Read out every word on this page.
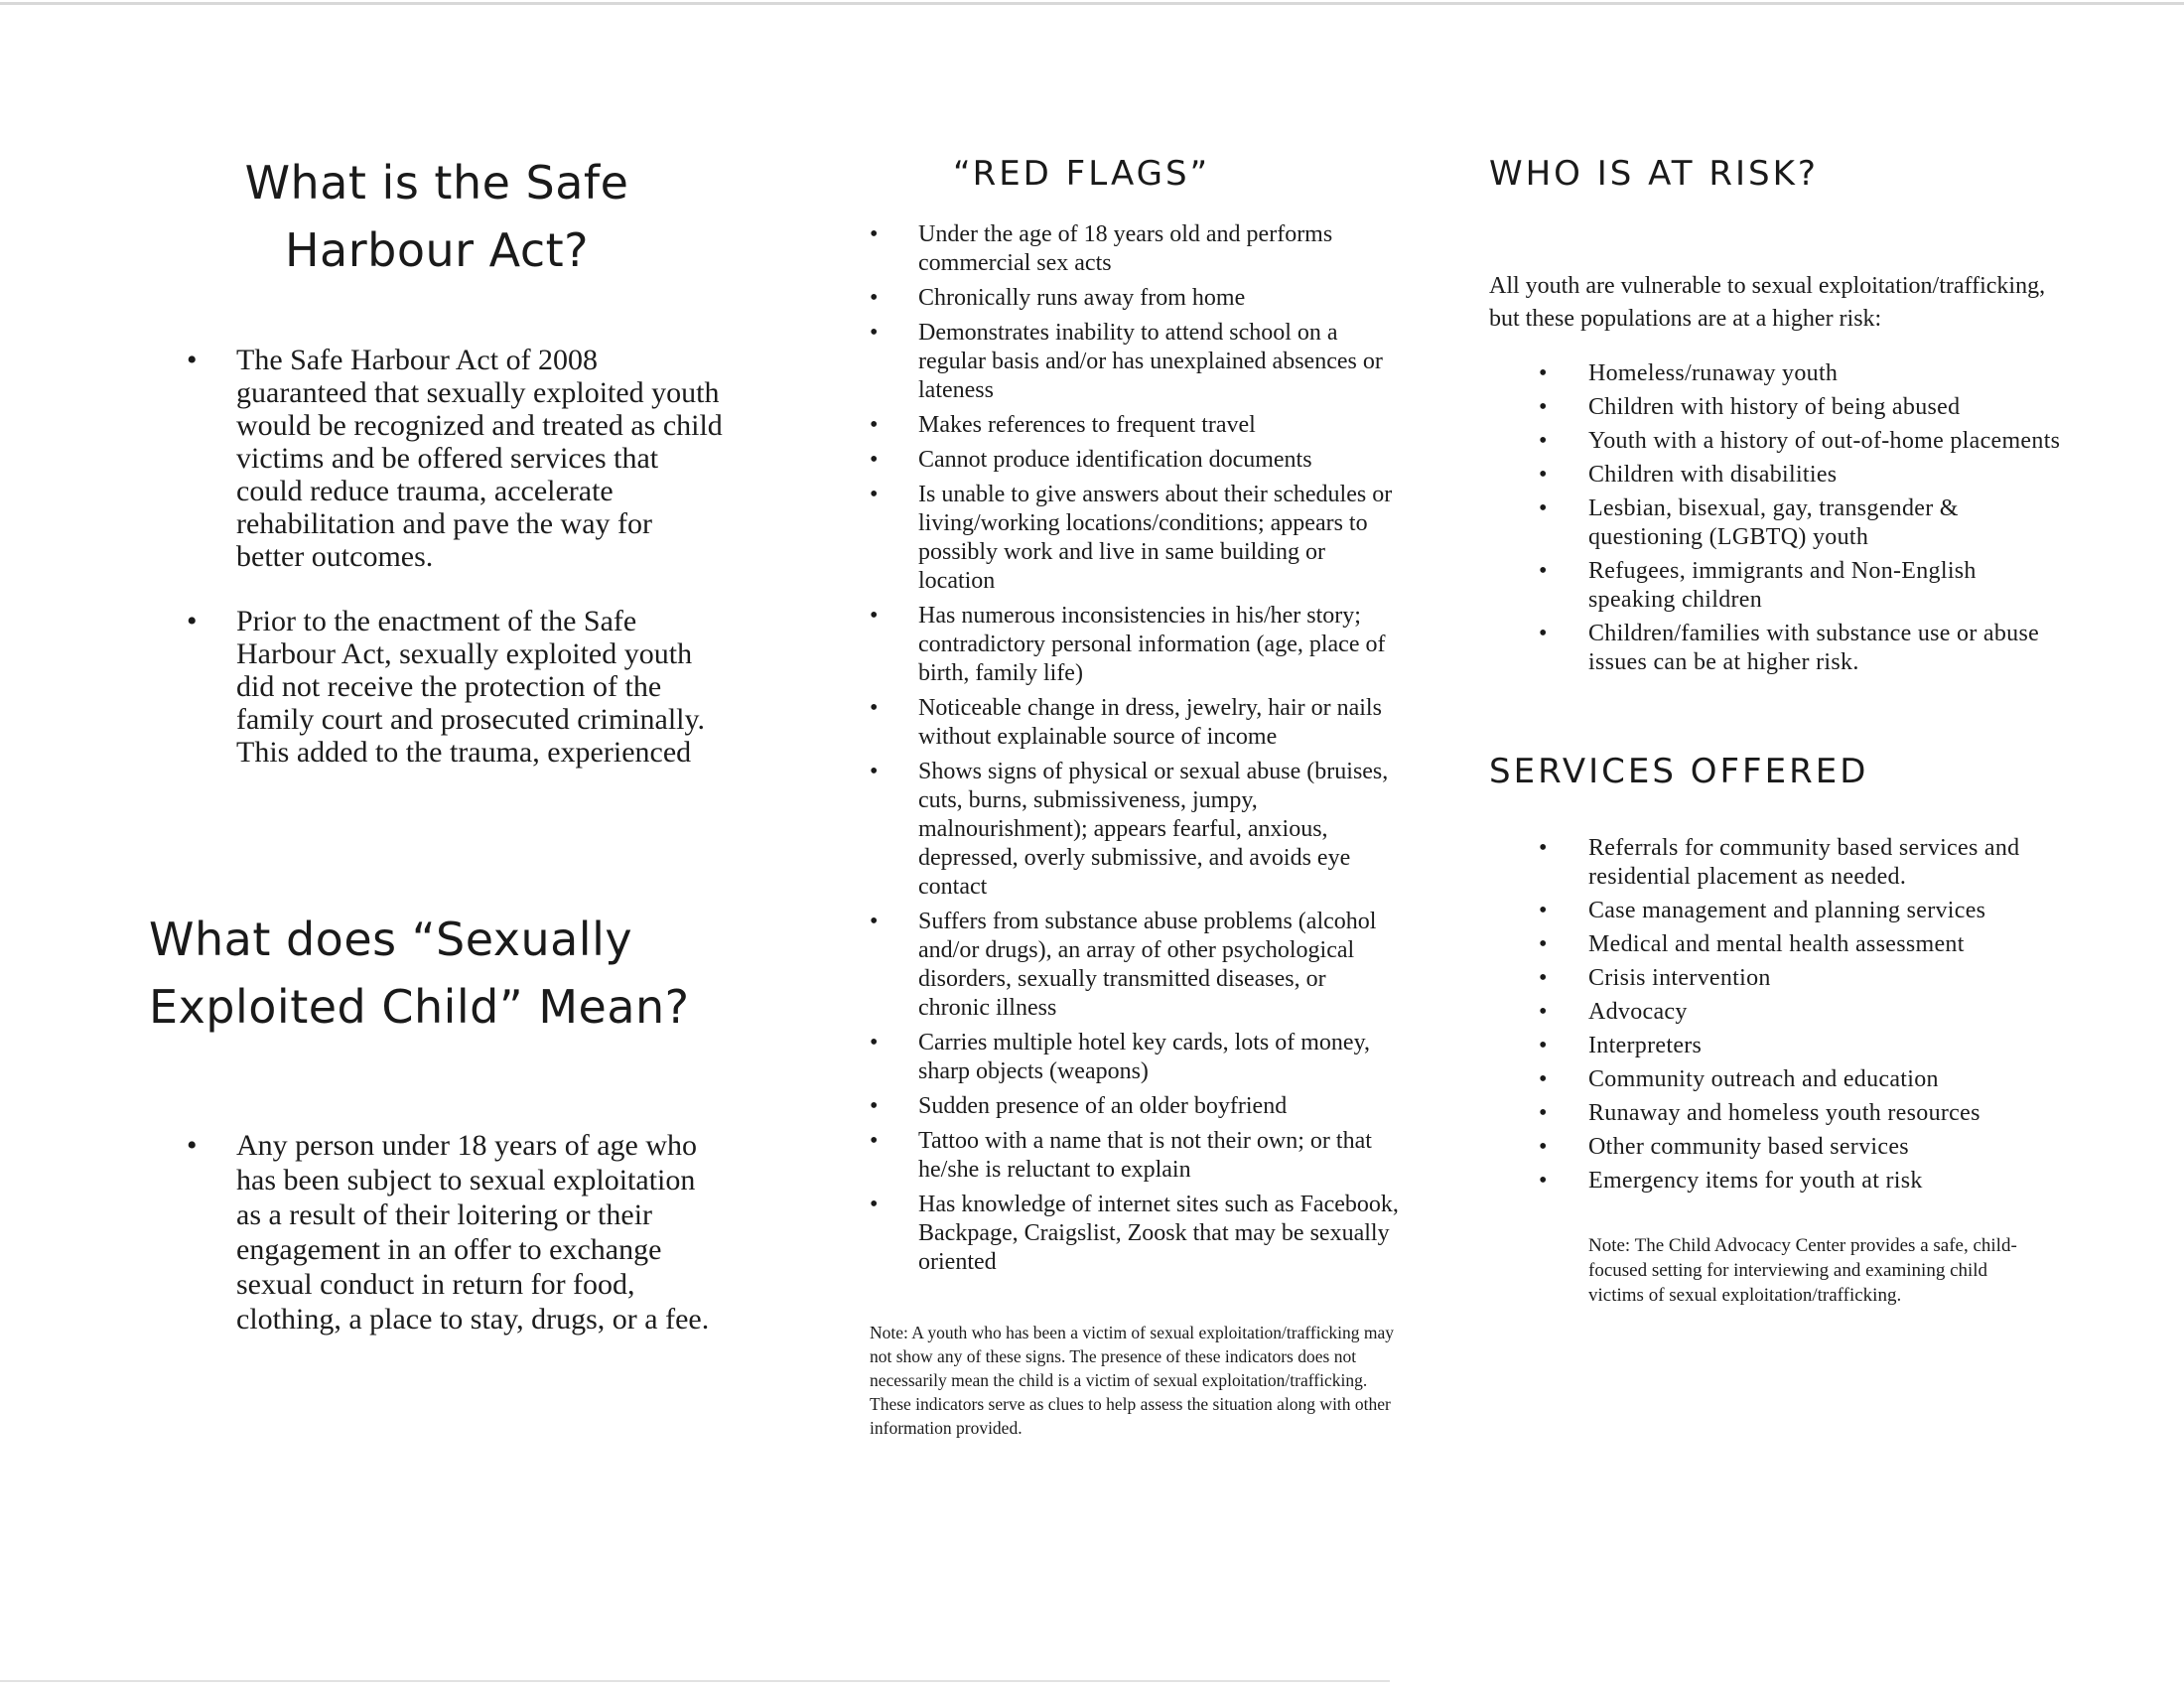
What is the Safe
Harbour Act?
• The Safe Harbour Act of 2008 guaranteed that sexually exploited youth would be recognized and treated as child victims and be offered services that could reduce trauma, accelerate rehabilitation and pave the way for better outcomes.
• Prior to the enactment of the Safe Harbour Act, sexually exploited youth did not receive the protection of the family court and prosecuted criminally. This added to the trauma, experienced
What does “Sexually
Exploited Child” Mean?
• Any person under 18 years of age who has been subject to sexual exploitation as a result of their loitering or their engagement in an offer to exchange sexual conduct in return for food, clothing, a place to stay, drugs, or a fee.
“RED FLAGS”
• Under the age of 18 years old and performs commercial sex acts
• Chronically runs away from home
• Demonstrates inability to attend school on a regular basis and/or has unexplained absences or lateness
• Makes references to frequent travel
• Cannot produce identification documents
• Is unable to give answers about their schedules or living/working locations/conditions; appears to possibly work and live in same building or location
• Has numerous inconsistencies in his/her story; contradictory personal information (age, place of birth, family life)
• Noticeable change in dress, jewelry, hair or nails without explainable source of income
• Shows signs of physical or sexual abuse (bruises, cuts, burns, submissiveness, jumpy, malnourishment); appears fearful, anxious, depressed, overly submissive, and avoids eye contact
• Suffers from substance abuse problems (alcohol and/or drugs), an array of other psychological disorders, sexually transmitted diseases, or chronic illness
• Carries multiple hotel key cards, lots of money, sharp objects (weapons)
• Sudden presence of an older boyfriend
• Tattoo with a name that is not their own; or that he/she is reluctant to explain
• Has knowledge of internet sites such as Facebook, Backpage, Craigslist, Zoosk that may be sexually oriented

Note: A youth who has been a victim of sexual exploitation/trafficking may not show any of these signs. The presence of these indicators does not necessarily mean the child is a victim of sexual exploitation/trafficking. These indicators serve as clues to help assess the situation along with other information provided.

WHO IS AT RISK?

All youth are vulnerable to sexual exploitation/trafficking, but these populations are at a higher risk:

• Homeless/runaway youth
• Children with history of being abused
• Youth with a history of out-of-home placements
• Children with disabilities
• Lesbian, bisexual, gay, transgender & questioning (LGBTQ) youth
• Refugees, immigrants and Non-English speaking children
• Children/families with substance use or abuse issues can be at higher risk.
SERVICES OFFERED
• Referrals for community based services and residential placement as needed.
• Case management and planning services
• Medical and mental health assessment
• Crisis intervention
• Advocacy
• Interpreters
• Community outreach and education
• Runaway and homeless youth resources
• Other community based services
• Emergency items for youth at risk

Note: The Child Advocacy Center provides a safe, child-focused setting for interviewing and examining child victims of sexual exploitation/trafficking.
